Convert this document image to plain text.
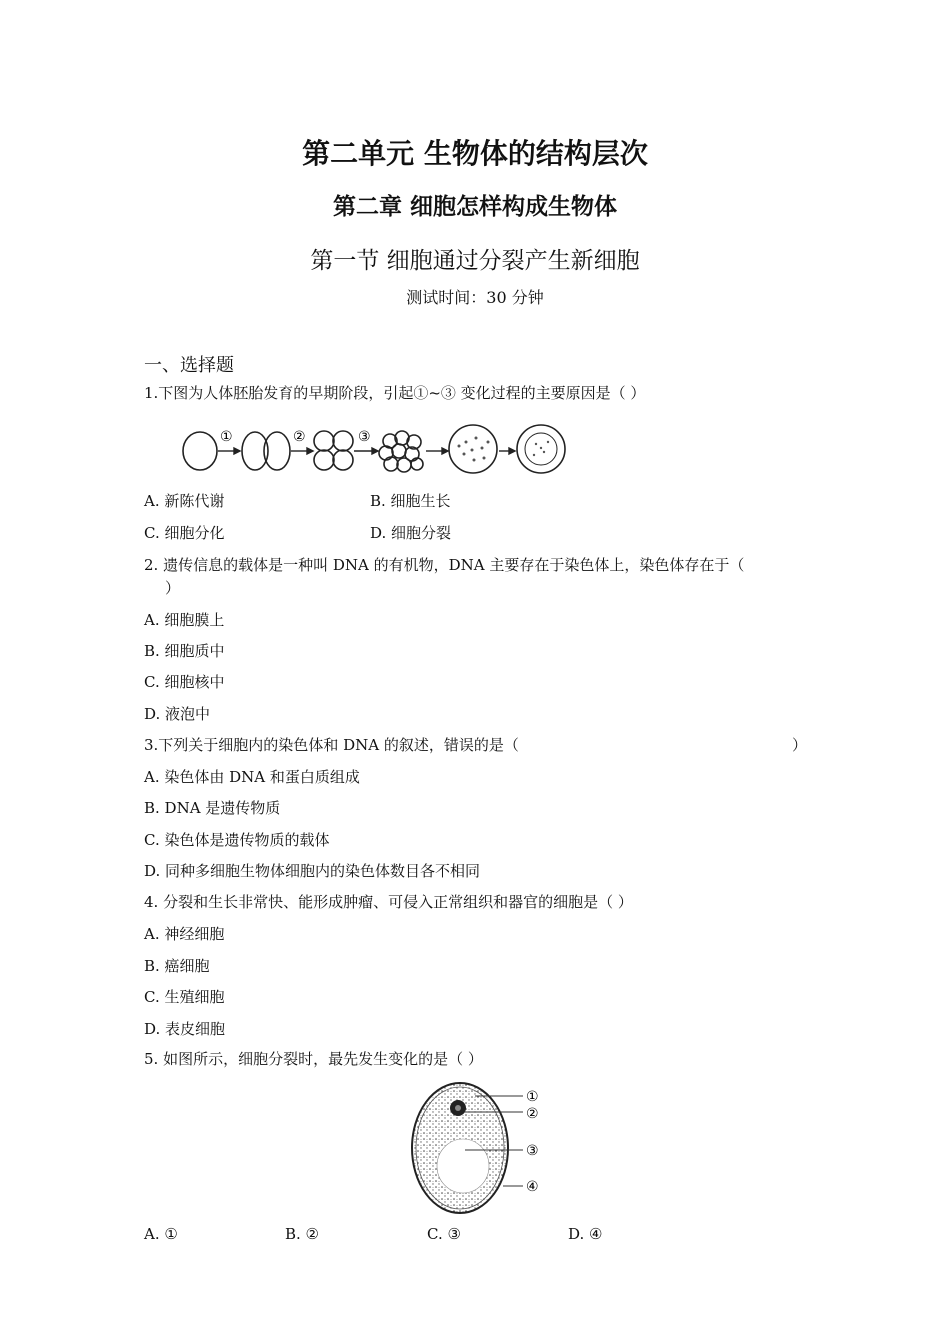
第二单元 生物体的结构层次
第二章 细胞怎样构成生物体
第一节 细胞通过分裂产生新细胞
测试时间：30 分钟
一、选择题
1.下图为人体胚胎发育的早期阶段，引起①~③ 变化过程的主要原因是（ ）
①	②	③
A. 新陈代谢	B. 细胞生长
C. 细胞分化	D. 细胞分裂
2. 遗传信息的载体是一种叫 DNA 的有机物，DNA 主要存在于染色体上，染色体存在于（
）
A. 细胞膜上
B. 细胞质中
C. 细胞核中
D. 液泡中
3.下列关于细胞内的染色体和 DNA 的叙述，错误的是（	）
A. 染色体由 DNA 和蛋白质组成
B. DNA 是遗传物质
C. 染色体是遗传物质的载体
D. 同种多细胞生物体细胞内的染色体数目各不相同
4. 分裂和生长非常快、能形成肿瘤、可侵入正常组织和器官的细胞是（ ）
A. 神经细胞
B. 癌细胞
C. 生殖细胞
D. 表皮细胞
5. 如图所示，细胞分裂时，最先发生变化的是（ ）
①
②
③
④
A. ①	B. ②	C. ③	D. ④
